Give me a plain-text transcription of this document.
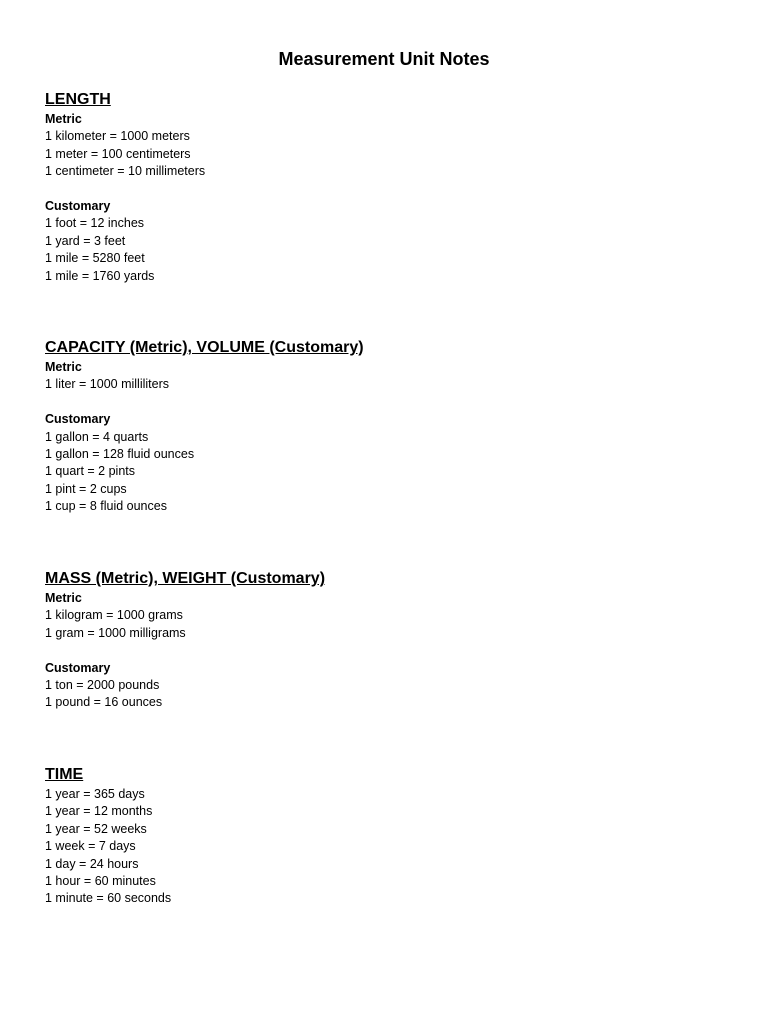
Measurement Unit Notes
LENGTH
Metric
1 kilometer = 1000 meters
1 meter = 100 centimeters
1 centimeter = 10 millimeters
Customary
1 foot = 12 inches
1 yard = 3 feet
1 mile = 5280 feet
1 mile = 1760 yards
CAPACITY (Metric), VOLUME (Customary)
Metric
1 liter = 1000 milliliters
Customary
1 gallon = 4 quarts
1 gallon = 128 fluid ounces
1 quart = 2 pints
1 pint = 2 cups
1 cup = 8 fluid ounces
MASS (Metric), WEIGHT (Customary)
Metric
1 kilogram = 1000 grams
1 gram = 1000 milligrams
Customary
1 ton = 2000 pounds
1 pound = 16 ounces
TIME
1 year = 365 days
1 year = 12 months
1 year = 52 weeks
1 week = 7 days
1 day = 24 hours
1 hour = 60 minutes
1 minute = 60 seconds
